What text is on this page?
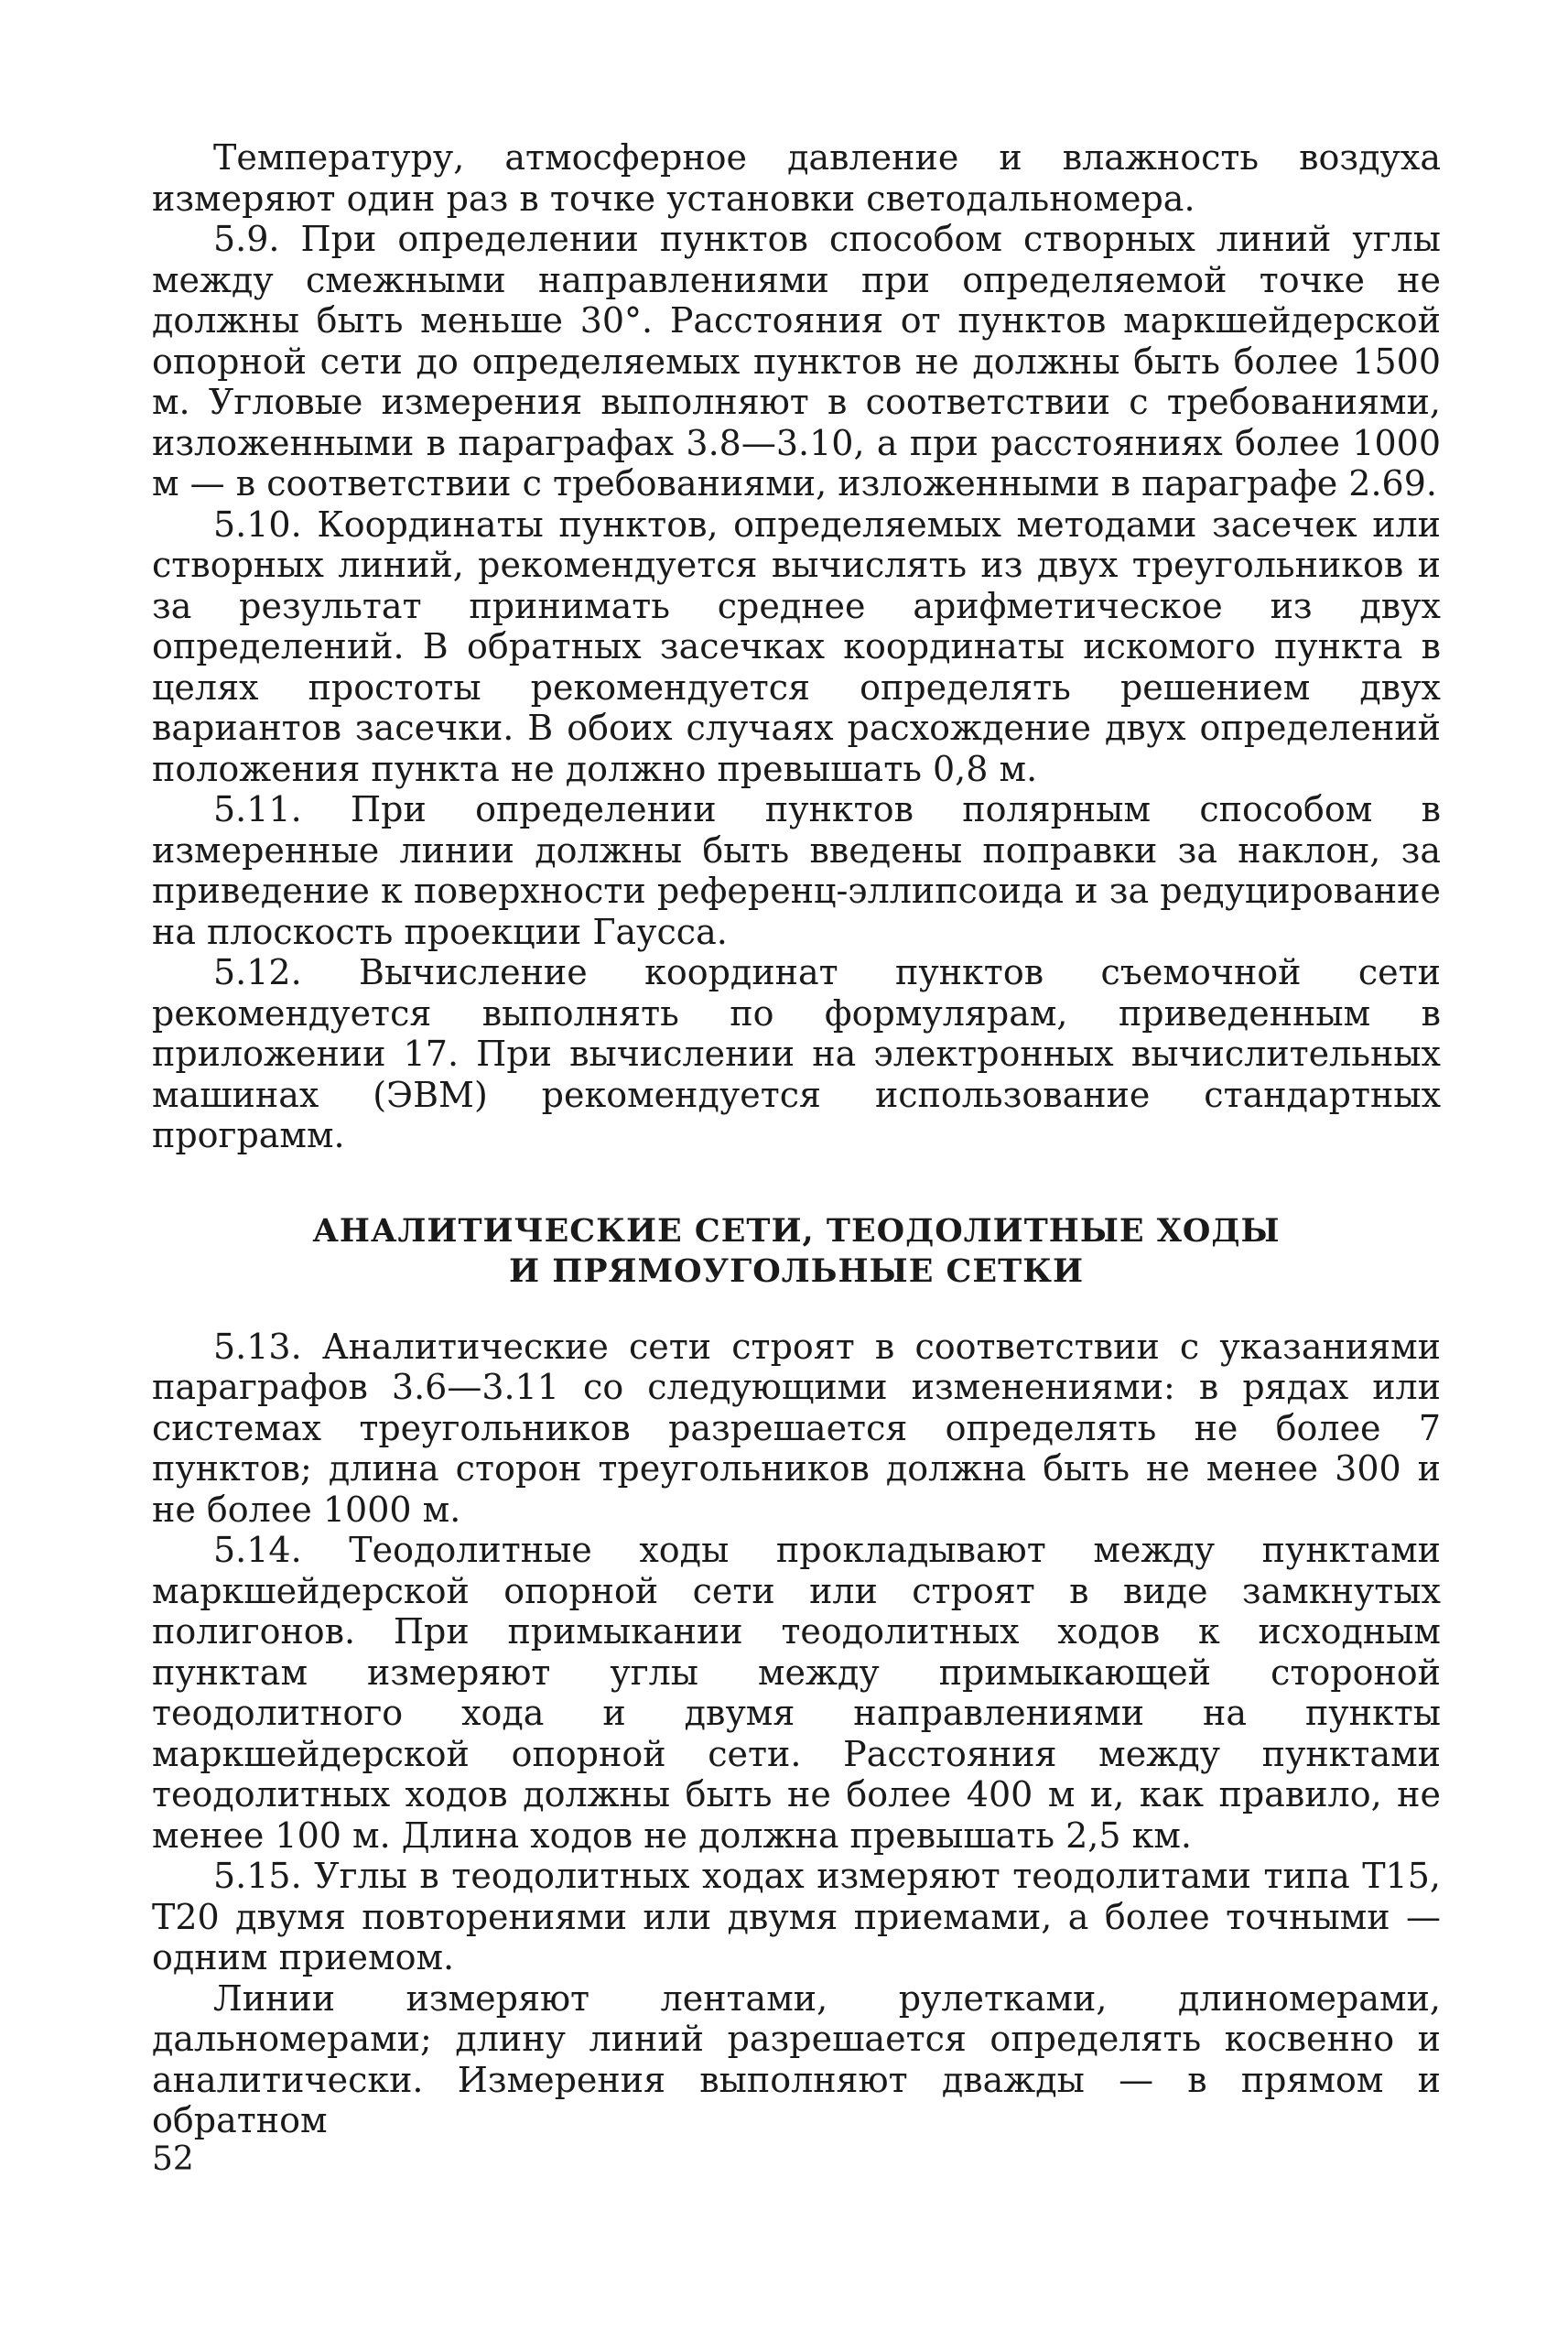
Температуру, атмосферное давление и влажность воздуха измеряют один раз в точке установки светодальномера.

5.9. При определении пунктов способом створных линий углы между смежными направлениями при определяемой точке не должны быть меньше 30°. Расстояния от пунктов маркшейдерской опорной сети до определяемых пунктов не должны быть более 1500 м. Угловые измерения выполняют в соответствии с требованиями, изложенными в параграфах 3.8—3.10, а при расстояниях более 1000 м — в соответствии с требованиями, изложенными в параграфе 2.69.

5.10. Координаты пунктов, определяемых методами засечек или створных линий, рекомендуется вычислять из двух треугольников и за результат принимать среднее арифметическое из двух определений. В обратных засечках координаты искомого пункта в целях простоты рекомендуется определять решением двух вариантов засечки. В обоих случаях расхождение двух определений положения пункта не должно превышать 0,8 м.

5.11. При определении пунктов полярным способом в измеренные линии должны быть введены поправки за наклон, за приведение к поверхности референц-эллипсоида и за редуцирование на плоскость проекции Гаусса.

5.12. Вычисление координат пунктов съемочной сети рекомендуется выполнять по формулярам, приведенным в приложении 17. При вычислении на электронных вычислительных машинах (ЭВМ) рекомендуется использование стандартных программ.

АНАЛИТИЧЕСКИЕ СЕТИ, ТЕОДОЛИТНЫЕ ХОДЫ
И ПРЯМОУГОЛЬНЫЕ СЕТКИ

5.13. Аналитические сети строят в соответствии с указаниями параграфов 3.6—3.11 со следующими изменениями: в рядах или системах треугольников разрешается определять не более 7 пунктов; длина сторон треугольников должна быть не менее 300 и не более 1000 м.

5.14. Теодолитные ходы прокладывают между пунктами маркшейдерской опорной сети или строят в виде замкнутых полигонов. При примыкании теодолитных ходов к исходным пунктам измеряют углы между примыкающей стороной теодолитного хода и двумя направлениями на пункты маркшейдерской опорной сети. Расстояния между пунктами теодолитных ходов должны быть не более 400 м и, как правило, не менее 100 м. Длина ходов не должна превышать 2,5 км.

5.15. Углы в теодолитных ходах измеряют теодолитами типа Т15, Т20 двумя повторениями или двумя приемами, а более точными — одним приемом.

Линии измеряют лентами, рулетками, длиномерами, дальномерами; длину линий разрешается определять косвенно и аналитически. Измерения выполняют дважды — в прямом и обратном

52
